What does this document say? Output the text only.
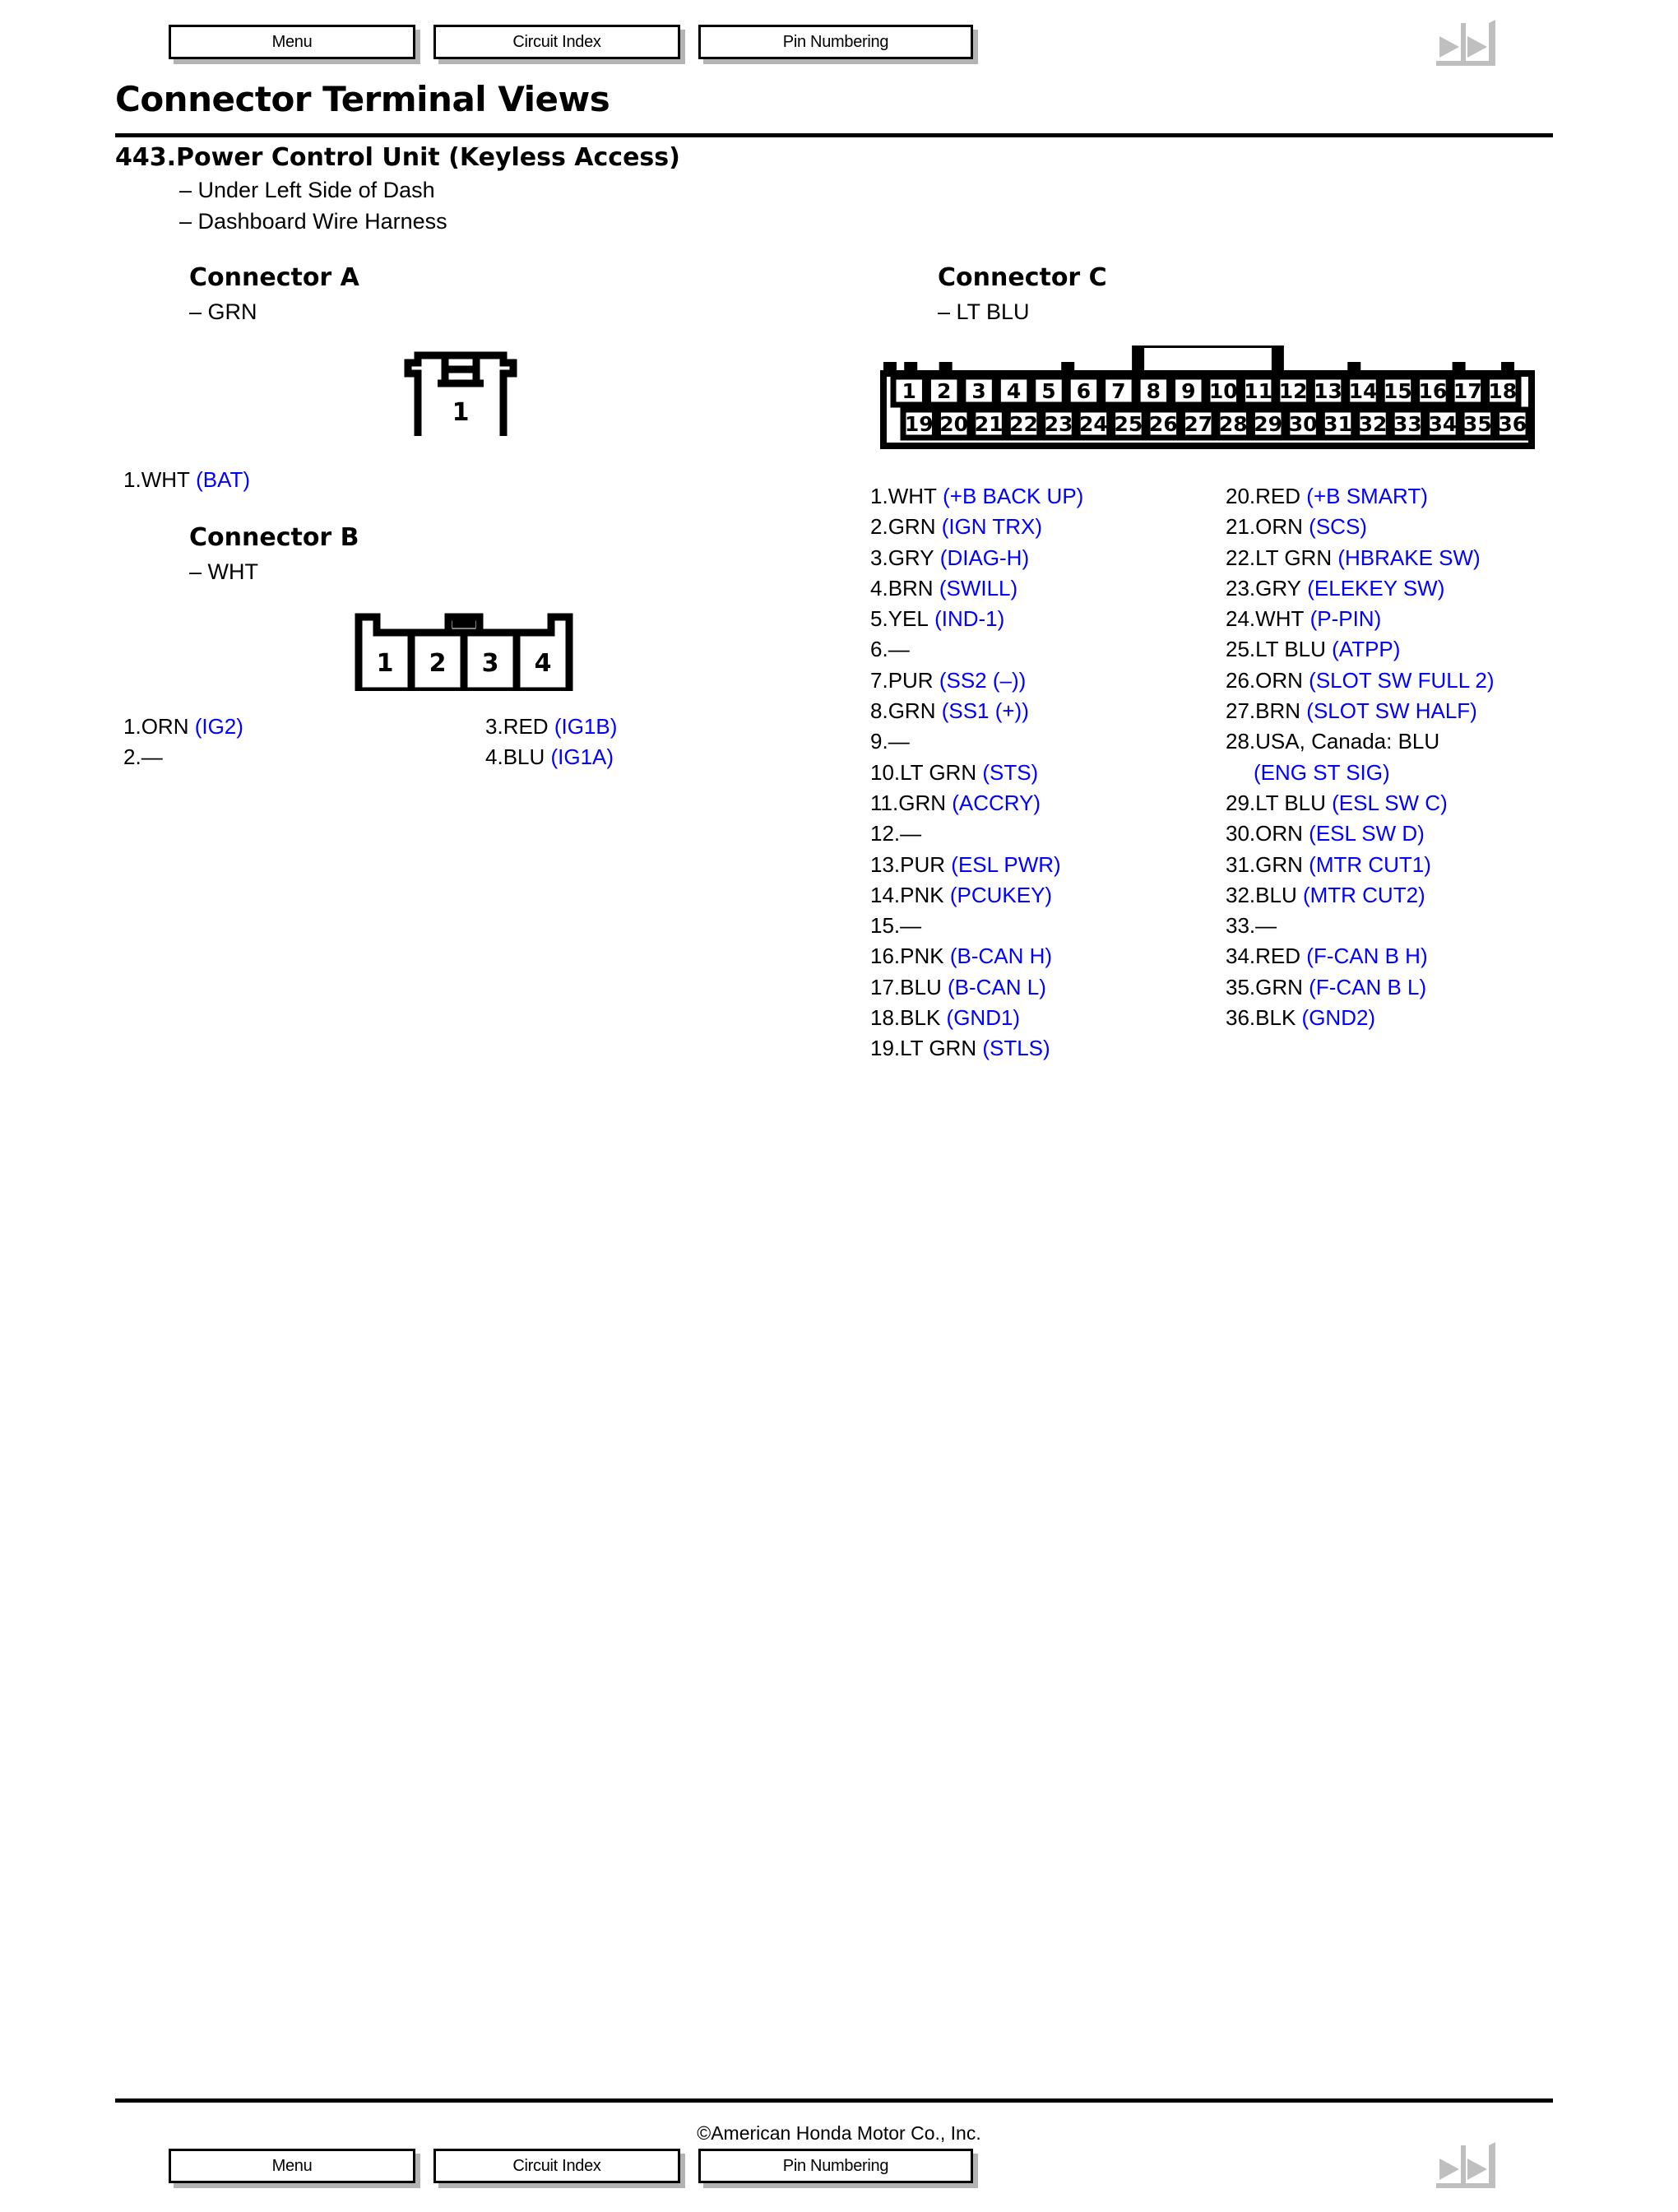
Menu	Circuit Index	Pin Numbering
Connector Terminal Views
443.Power Control Unit (Keyless Access)
– Under Left Side of Dash
– Dashboard Wire Harness
Connector A
– GRN
1
1.WHT (BAT)
Connector B
– WHT
1 2 3 4
1.ORN (IG2)
2.—
3.RED (IG1B)
4.BLU (IG1A)
Connector C
– LT BLU
1 2 3 4 5 6 7 8 9 10 11 12 13 14 15 16 17 18
19 20 21 22 23 24 25 26 27 28 29 30 31 32 33 34 35 36
1.WHT (+B BACK UP)
2.GRN (IGN TRX)
3.GRY (DIAG-H)
4.BRN (SWILL)
5.YEL (IND-1)
6.—
7.PUR (SS2 (–))
8.GRN (SS1 (+))
9.—
10.LT GRN (STS)
11.GRN (ACCRY)
12.—
13.PUR (ESL PWR)
14.PNK (PCUKEY)
15.—
16.PNK (B-CAN H)
17.BLU (B-CAN L)
18.BLK (GND1)
19.LT GRN (STLS)
20.RED (+B SMART)
21.ORN (SCS)
22.LT GRN (HBRAKE SW)
23.GRY (ELEKEY SW)
24.WHT (P-PIN)
25.LT BLU (ATPP)
26.ORN (SLOT SW FULL 2)
27.BRN (SLOT SW HALF)
28.USA, Canada: BLU
(ENG ST SIG)
29.LT BLU (ESL SW C)
30.ORN (ESL SW D)
31.GRN (MTR CUT1)
32.BLU (MTR CUT2)
33.—
34.RED (F-CAN B H)
35.GRN (F-CAN B L)
36.BLK (GND2)
©American Honda Motor Co., Inc.
Menu	Circuit Index	Pin Numbering
